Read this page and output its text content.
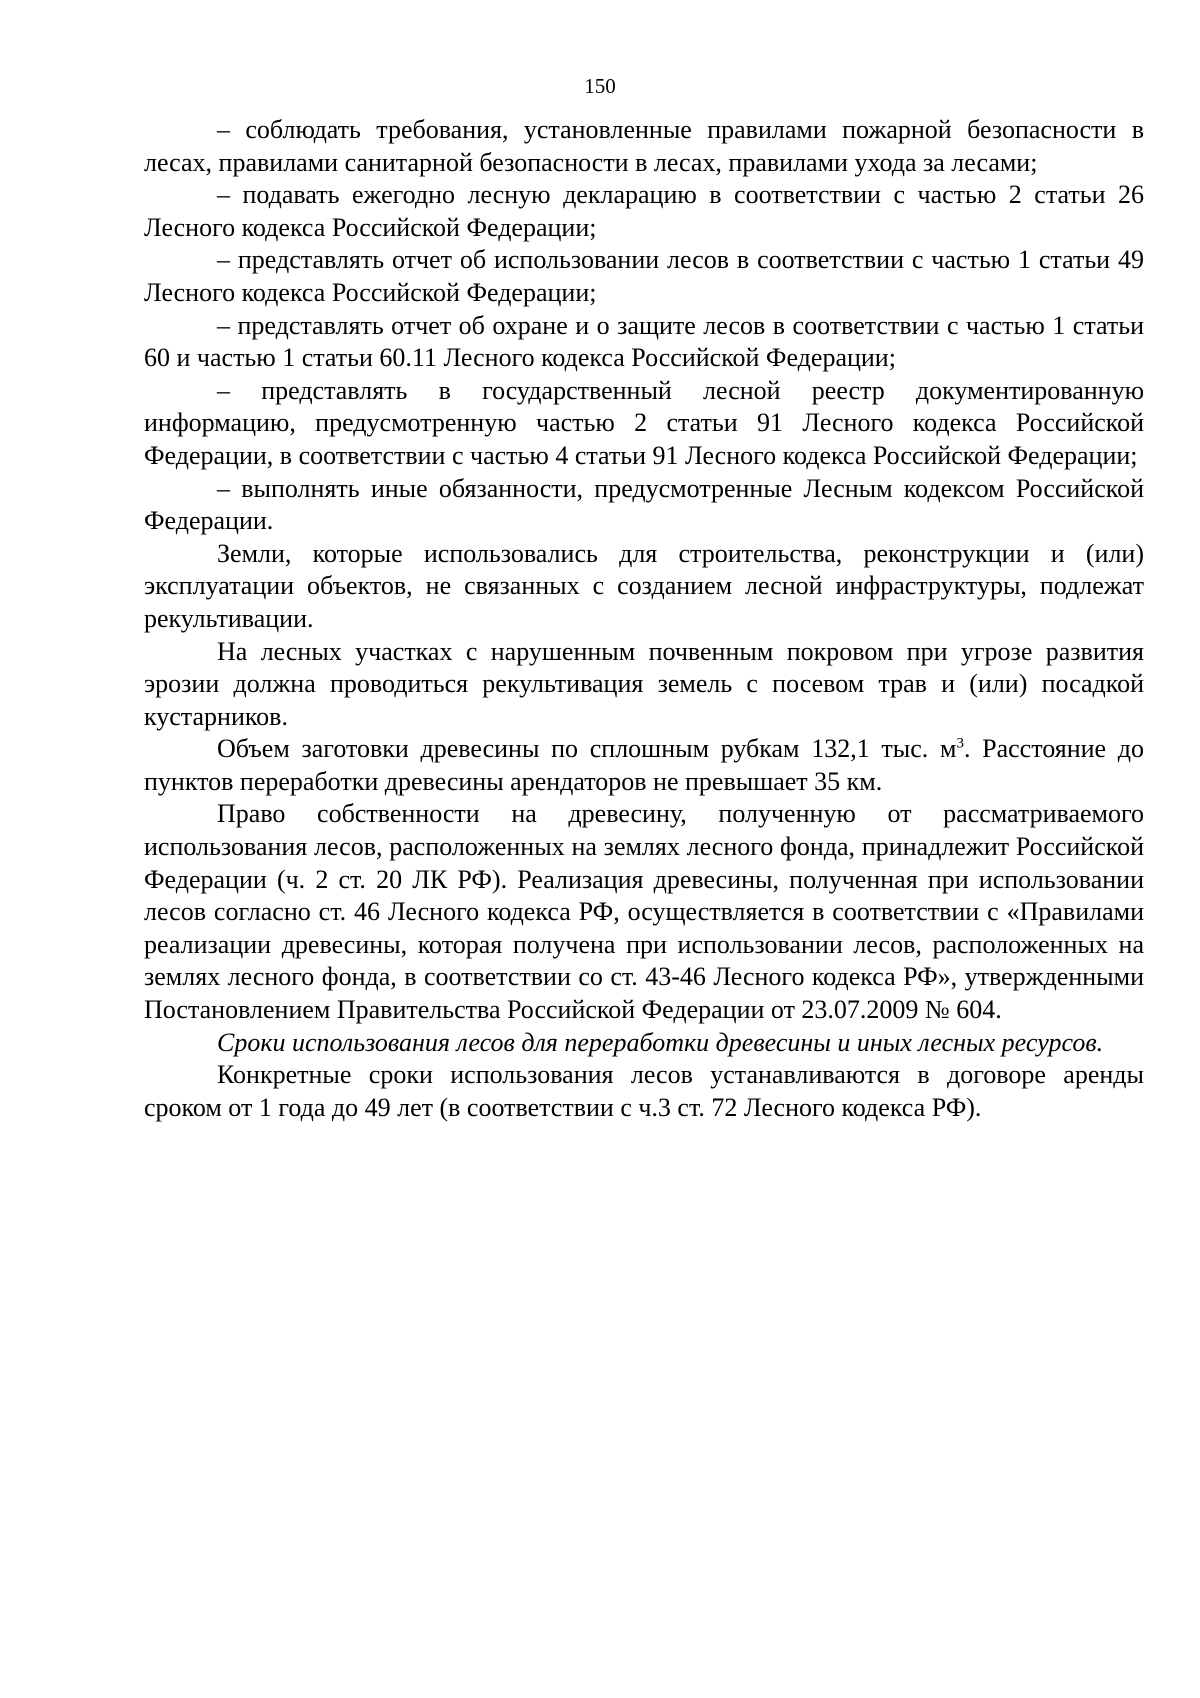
150

– соблюдать требования, установленные правилами пожарной безопасности в лесах, правилами санитарной безопасности в лесах, правилами ухода за лесами;

– подавать ежегодно лесную декларацию в соответствии с частью 2 статьи 26 Лесного кодекса Российской Федерации;

– представлять отчет об использовании лесов в соответствии с частью 1 статьи 49 Лесного кодекса Российской Федерации;

– представлять отчет об охране и о защите лесов в соответствии с частью 1 статьи 60 и частью 1 статьи 60.11 Лесного кодекса Российской Федерации;

– представлять в государственный лесной реестр документированную информацию, предусмотренную частью 2 статьи 91 Лесного кодекса Российской Федерации, в соответствии с частью 4 статьи 91 Лесного кодекса Российской Федерации;

– выполнять иные обязанности, предусмотренные Лесным кодексом Российской Федерации.

Земли, которые использовались для строительства, реконструкции и (или) эксплуатации объектов, не связанных с созданием лесной инфраструктуры, подлежат рекультивации.

На лесных участках с нарушенным почвенным покровом при угрозе развития эрозии должна проводиться рекультивация земель с посевом трав и (или) посадкой кустарников.

Объем заготовки древесины по сплошным рубкам 132,1 тыс. $м^3$. Расстояние до пунктов переработки древесины арендаторов не превышает 35 км.

Право собственности на древесину, полученную от рассматриваемого использования лесов, расположенных на землях лесного фонда, принадлежит Российской Федерации (ч. 2 ст. 20 ЛК РФ). Реализация древесины, полученная при использовании лесов согласно ст. 46 Лесного кодекса РФ, осуществляется в соответствии с «Правилами реализации древесины, которая получена при использовании лесов, расположенных на землях лесного фонда, в соответствии со ст. 43-46 Лесного кодекса РФ», утвержденными Постановлением Правительства Российской Федерации от 23.07.2009 № 604.

Сроки использования лесов для переработки древесины и иных лесных ресурсов.

Конкретные сроки использования лесов устанавливаются в договоре аренды сроком от 1 года до 49 лет (в соответствии с ч.3 ст. 72 Лесного кодекса РФ).
